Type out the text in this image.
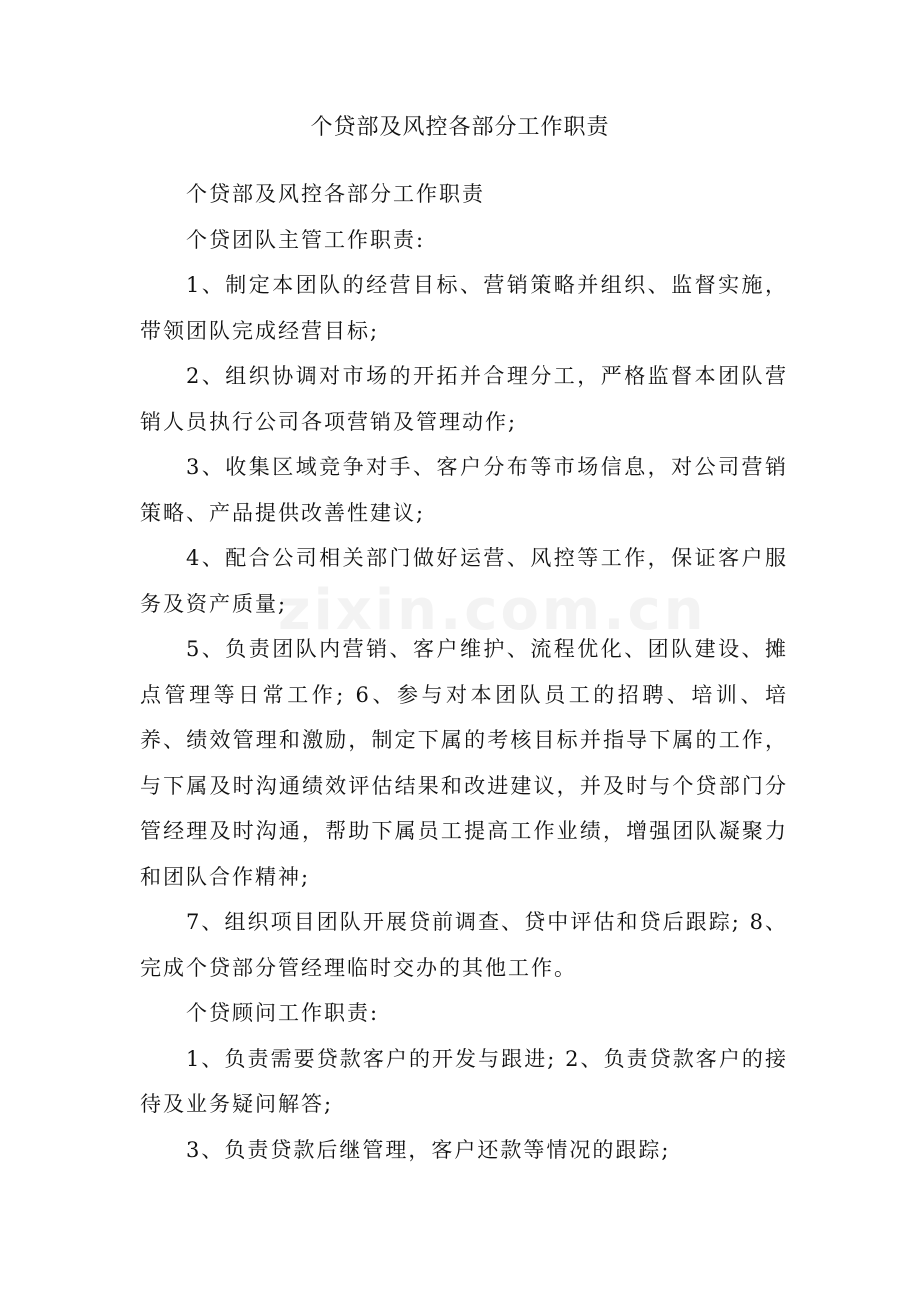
zixin.com.cn
个贷部及风控各部分工作职责

个贷部及风控各部分工作职责

个贷团队主管工作职责:

1、制定本团队的经营目标、营销策略并组织、监督实施，带领团队完成经营目标;

2、组织协调对市场的开拓并合理分工，严格监督本团队营销人员执行公司各项营销及管理动作;

3、收集区域竞争对手、客户分布等市场信息，对公司营销策略、产品提供改善性建议;

4、配合公司相关部门做好运营、风控等工作，保证客户服务及资产质量;

5、负责团队内营销、客户维护、流程优化、团队建设、摊点管理等日常工作; 6、参与对本团队员工的招聘、培训、培养、绩效管理和激励，制定下属的考核目标并指导下属的工作，与下属及时沟通绩效评估结果和改进建议，并及时与个贷部门分管经理及时沟通，帮助下属员工提高工作业绩，增强团队凝聚力和团队合作精神;

7、组织项目团队开展贷前调查、贷中评估和贷后跟踪; 8、完成个贷部分管经理临时交办的其他工作。

个贷顾问工作职责:

1、负责需要贷款客户的开发与跟进; 2、负责贷款客户的接待及业务疑问解答;

3、负责贷款后继管理，客户还款等情况的跟踪;
